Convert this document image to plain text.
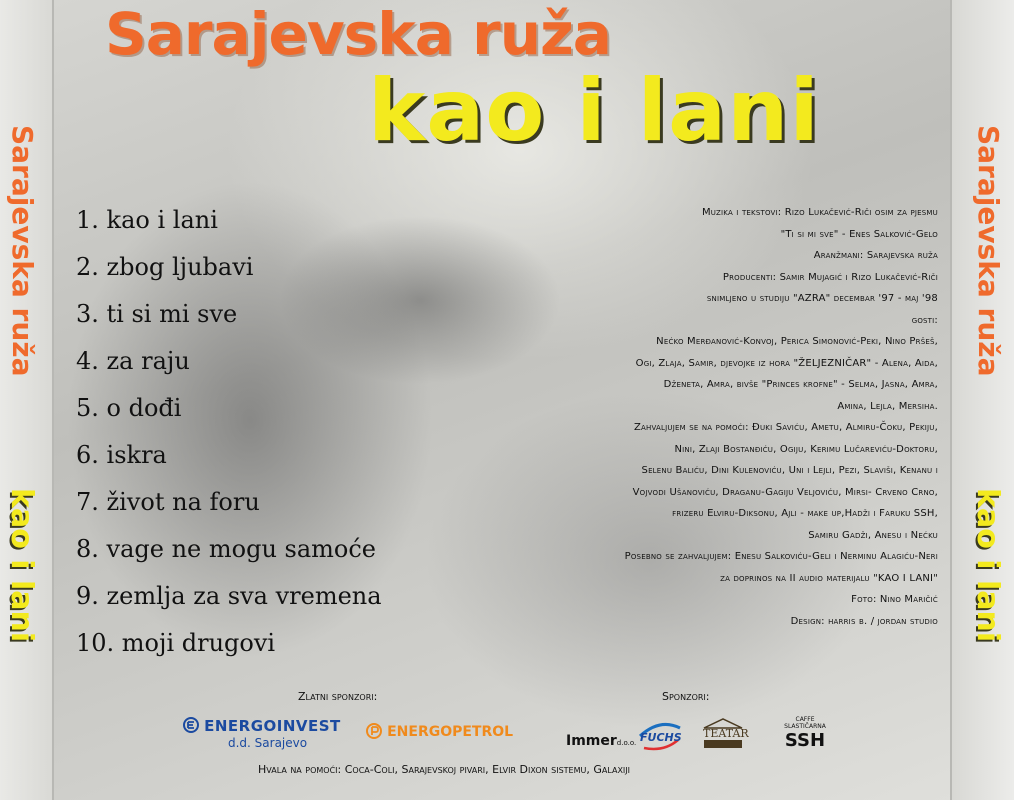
Sarajevska ruža
kao i lani
Sarajevska ruža
kao i lani
Sarajevska ruža
kao i lani
1. kao i lani
2. zbog ljubavi
3. ti si mi sve
4. za raju
5. o dođi
6. iskra
7. život na foru
8. vage ne mogu samoće
9. zemlja za sva vremena
10. moji drugovi
Muzika i tekstovi: Rizo Lukačević-Riči osim za pjesmu
"Ti si mi sve" - Enes Salković-Gelo
Aranžmani: Sarajevska ruža
Producenti: Samir Mujagić i Rizo Lukačević-Riči
snimljeno u studiju "AZRA" decembar '97 - maj '98
gosti:
Nećko Merđanović-Konvoj, Perica Simonović-Peki, Nino Pršeš,
Ogi, Zlaja, Samir, djevojke iz hora "ŽELJEZNIČAR" - Alena, Aida,
Dženeta, Amra, bivše "Princes krofne" - Selma, Jasna, Amra,
Amina, Lejla, Mersiha.
Zahvaljujem se na pomoći: Đuki Saviću, Ametu, Almiru-Čoku, Pekiju,
Nini, Zlaji Bostanđiću, Ogiju, Kerimu Lučareviću-Doktoru,
Selenu Baliću, Dini Kulenoviću, Uni i Lejli, Pezi, Slaviši, Kenanu i
Vojvodi Ušanoviću, Draganu-Gagiju Veljoviću, Mirsi- Crveno Crno,
frizeru Elviru-Diksonu, Ajli - make up,Hadži i Faruku SSH,
Samiru Gadži, Anesu i Nećku
Posebno se zahvaljujem: Enesu Salkoviću-Geli i Nerminu Alagiću-Neri
za doprinos na II audio materijalu "KAO I LANI"
Foto: Nino Maričić
Design: harris b. / jordan studio
Zlatni sponzori:	Sponzori:
ENERGOINVEST
d.d. Sarajevo
ENERGOPETROL
Immerd.o.o. FUCHS TEATAR
CAFFE
SLASTIČARNA
SSH
Hvala na pomoći: Coca-Coli, Sarajevskoj pivari, Elvir Dixon sistemu, Galaxiji
